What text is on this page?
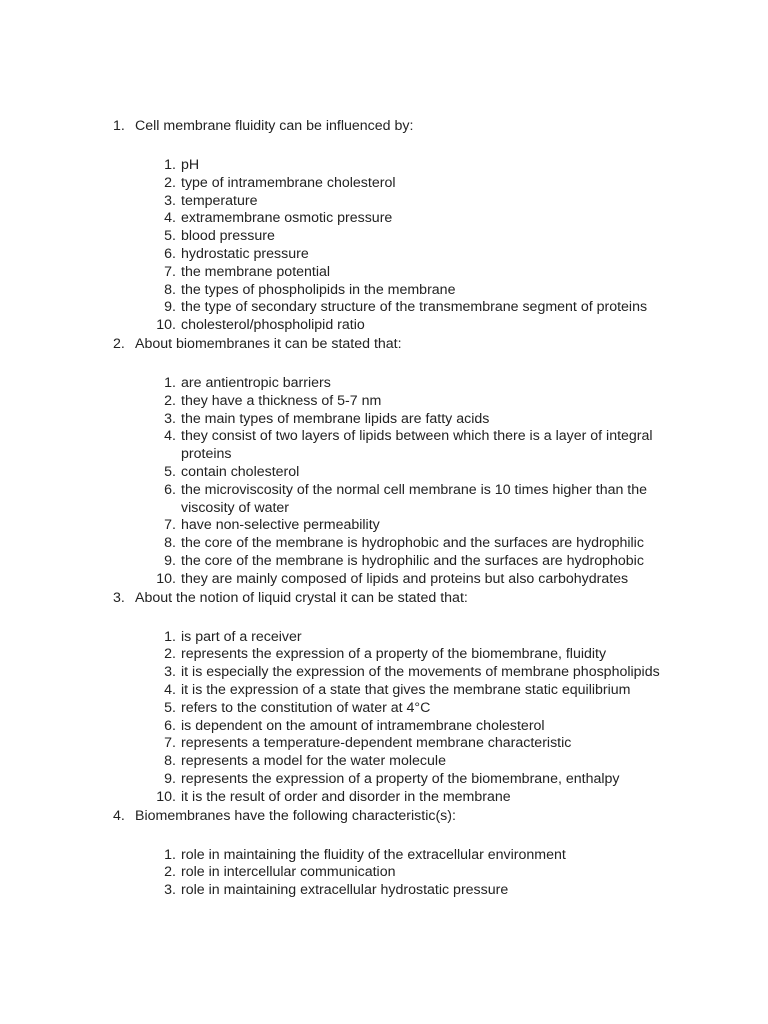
1. Cell membrane fluidity can be influenced by:
1. pH
2. type of intramembrane cholesterol
3. temperature
4. extramembrane osmotic pressure
5. blood pressure
6. hydrostatic pressure
7. the membrane potential
8. the types of phospholipids in the membrane
9. the type of secondary structure of the transmembrane segment of proteins
10. cholesterol/phospholipid ratio
2. About biomembranes it can be stated that:
1. are antientropic barriers
2. they have a thickness of 5-7 nm
3. the main types of membrane lipids are fatty acids
4. they consist of two layers of lipids between which there is a layer of integral proteins
5. contain cholesterol
6. the microviscosity of the normal cell membrane is 10 times higher than the viscosity of water
7. have non-selective permeability
8. the core of the membrane is hydrophobic and the surfaces are hydrophilic
9. the core of the membrane is hydrophilic and the surfaces are hydrophobic
10. they are mainly composed of lipids and proteins but also carbohydrates
3. About the notion of liquid crystal it can be stated that:
1. is part of a receiver
2. represents the expression of a property of the biomembrane, fluidity
3. it is especially the expression of the movements of membrane phospholipids
4. it is the expression of a state that gives the membrane static equilibrium
5. refers to the constitution of water at 4°C
6. is dependent on the amount of intramembrane cholesterol
7. represents a temperature-dependent membrane characteristic
8. represents a model for the water molecule
9. represents the expression of a property of the biomembrane, enthalpy
10. it is the result of order and disorder in the membrane
4. Biomembranes have the following characteristic(s):
1. role in maintaining the fluidity of the extracellular environment
2. role in intercellular communication
3. role in maintaining extracellular hydrostatic pressure
